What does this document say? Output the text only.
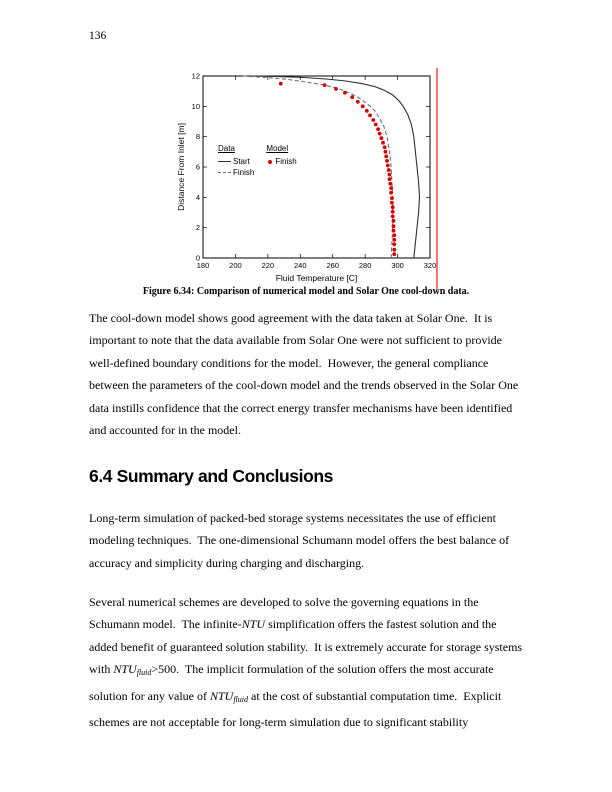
136
180	200	220	240	260	280	300	320
0
2
4
6
8
10
12
Fluid Temperature [C]
Distance From Inlet [m]	Data
Start
Finish
Model
Finish
Figure 6.34: Comparison of numerical model and Solar One cool-down data.

The cool-down model shows good agreement with the data taken at Solar One.  It is important to note that the data available from Solar One were not sufficient to provide well-defined boundary conditions for the model.  However, the general compliance between the parameters of the cool-down model and the trends observed in the Solar One data instills confidence that the correct energy transfer mechanisms have been identified and accounted for in the model.

6.4 Summary and Conclusions

Long-term simulation of packed-bed storage systems necessitates the use of efficient modeling techniques.  The one-dimensional Schumann model offers the best balance of accuracy and simplicity during charging and discharging.

Several numerical schemes are developed to solve the governing equations in the Schumann model.  The infinite-NTU simplification offers the fastest solution and the added benefit of guaranteed solution stability.  It is extremely accurate for storage systems with NTUfluid>500.  The implicit formulation of the solution offers the most accurate solution for any value of NTUfluid at the cost of substantial computation time.  Explicit schemes are not acceptable for long-term simulation due to significant stability
